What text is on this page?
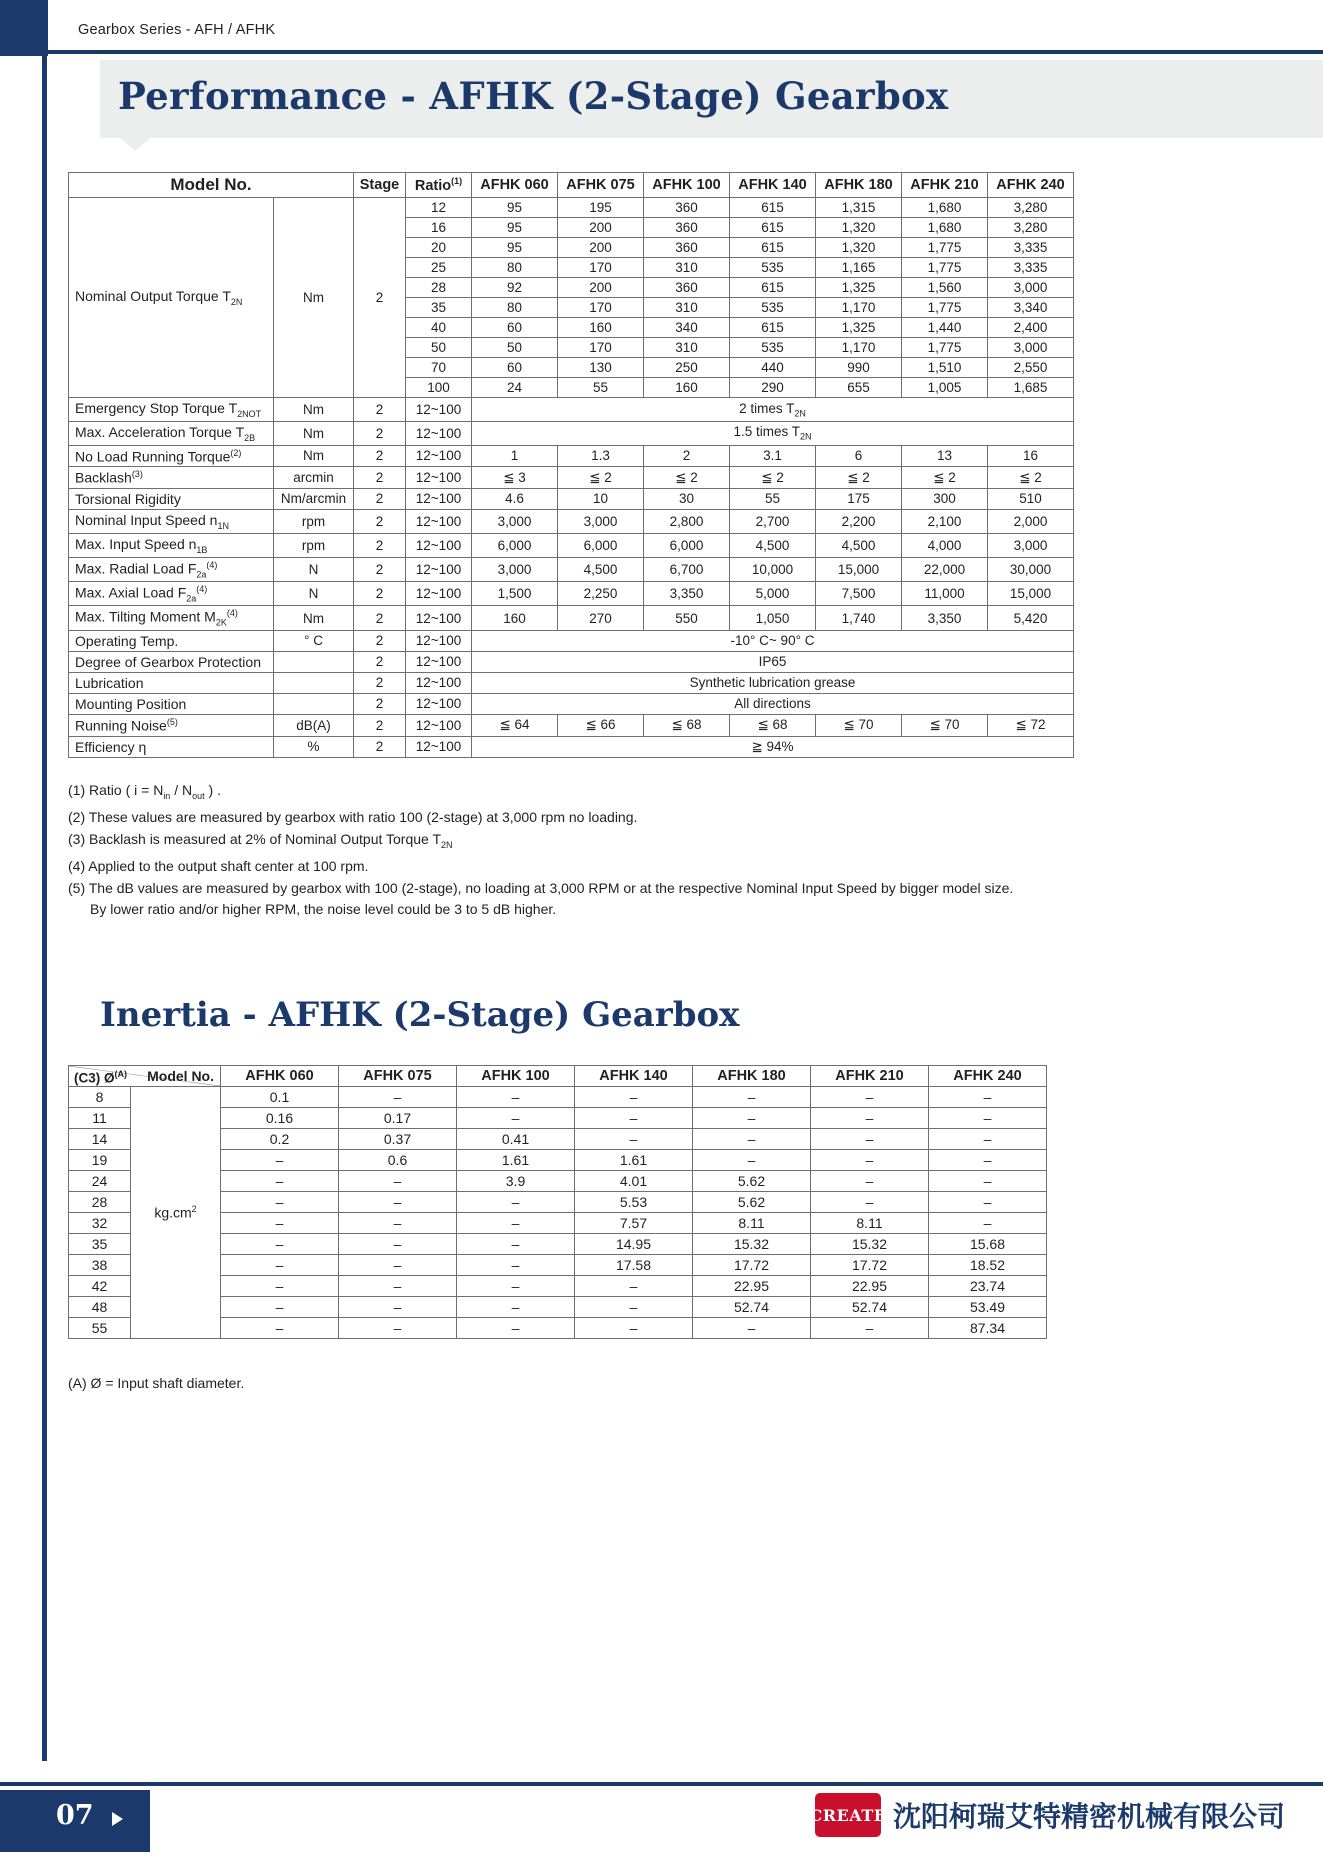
Gearbox Series - AFH / AFHK
Performance - AFHK (2-Stage) Gearbox
Model No.		Stage	Ratio$^{(1)}$	AFHK 060	AFHK 075	AFHK 100	AFHK 140	AFHK 180	AFHK 210	AFHK 240
Nominal Output Torque $T_{2N}$	Nm	2	12	95	195	360	615	1,315	1,680	3,280
			16	95	200	360	615	1,320	1,680	3,280
			20	95	200	360	615	1,320	1,775	3,335
			25	80	170	310	535	1,165	1,775	3,335
			28	92	200	360	615	1,325	1,560	3,000
			35	80	170	310	535	1,170	1,775	3,340
			40	60	160	340	615	1,325	1,440	2,400
			50	50	170	310	535	1,170	1,775	3,000
			70	60	130	250	440	990	1,510	2,550
			100	24	55	160	290	655	1,005	1,685
Emergency Stop Torque $T_{2NOT}$	Nm	2	12~100	2 times $T_{2N}$
Max. Acceleration Torque $T_{2B}$	Nm	2	12~100	1.5 times $T_{2N}$
No Load Running Torque$^{(2)}$	Nm	2	12~100	1	1.3	2	3.1	6	13	16
Backlash$^{(3)}$	arcmin	2	12~100	≦ 3	≦ 2	≦ 2	≦ 2	≦ 2	≦ 2	≦ 2
Torsional Rigidity	Nm/arcmin	2	12~100	4.6	10	30	55	175	300	510
Nominal Input Speed $n_{1N}$	rpm	2	12~100	3,000	3,000	2,800	2,700	2,200	2,100	2,000
Max. Input Speed $n_{1B}$	rpm	2	12~100	6,000	6,000	6,000	4,500	4,500	4,000	3,000
Max. Radial Load $F_{2a}^{(4)}$	N	2	12~100	3,000	4,500	6,700	10,000	15,000	22,000	30,000
Max. Axial Load $F_{2a}^{(4)}$	N	2	12~100	1,500	2,250	3,350	5,000	7,500	11,000	15,000
Max. Tilting Moment $M_{2K}^{(4)}$	Nm	2	12~100	160	270	550	1,050	1,740	3,350	5,420
Operating Temp.	° C	2	12~100	-10° C~ 90° C						
Degree of Gearbox Protection		2	12~100	IP65						
Lubrication		2	12~100	Synthetic lubrication grease						
Mounting Position		2	12~100	All directions						
Running Noise$^{(5)}$	dB(A)	2	12~100	≦ 64	≦ 66	≦ 68	≦ 68	≦ 70	≦ 70	≦ 72
Efficiency η	%	2	12~100	≧ 94%						
(1) Ratio ( $i = N_{in} / N_{out}$ ) .
(2) These values are measured by gearbox with ratio 100 (2-stage) at 3,000 rpm no loading.
(3) Backlash is measured at 2% of Nominal Output Torque $T_{2N}$
(4) Applied to the output shaft center at 100 rpm.
(5) The dB values are measured by gearbox with 100 (2-stage), no loading at 3,000 RPM or at the respective Nominal Input Speed by bigger model size.
By lower ratio and/or higher RPM, the noise level could be 3 to 5 dB higher.
Inertia - AFHK (2-Stage) Gearbox
Model No.
(C3) $Ø^{(A)}$		AFHK 060	AFHK 075	AFHK 100	AFHK 140	AFHK 180	AFHK 210	AFHK 240
8	$kg.cm^2$	0.1	–	–	–	–	–	–
11		0.16	0.17	–	–	–	–	–
14		0.2	0.37	0.41	–	–	–	–
19		–	0.6	1.61	1.61	–	–	–
24		–	–	3.9	4.01	5.62	–	–
28		–	–	–	5.53	5.62	–	–
32		–	–	–	7.57	8.11	8.11	–
35		–	–	–	14.95	15.32	15.32	15.68
38		–	–	–	17.58	17.72	17.72	18.52
42		–	–	–	–	22.95	22.95	23.74
48		–	–	–	–	52.74	52.74	53.49
55		–	–	–	–	–	–	87.34
(A) Ø = Input shaft diameter.
07	CREATE 沈阳柯瑞艾特精密机械有限公司
